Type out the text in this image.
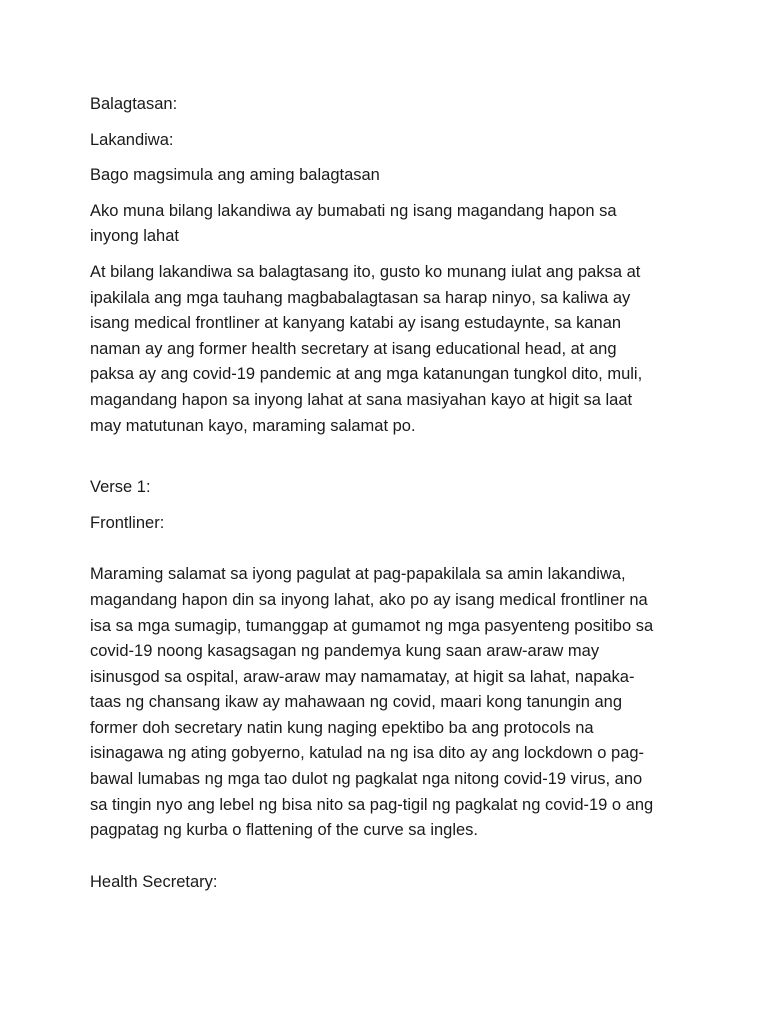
Balagtasan:

Lakandiwa:

Bago magsimula ang aming balagtasan

Ako muna bilang lakandiwa ay bumabati ng isang magandang hapon sa
inyong lahat

At bilang lakandiwa sa balagtasang ito, gusto ko munang iulat ang paksa at
ipakilala ang mga tauhang magbabalagtasan sa harap ninyo, sa kaliwa ay
isang medical frontliner at kanyang katabi ay isang estudaynte, sa kanan
naman ay ang former health secretary at isang educational head, at ang
paksa ay ang covid-19 pandemic at ang mga katanungan tungkol dito, muli,
magandang hapon sa inyong lahat at sana masiyahan kayo at higit sa laat
may matutunan kayo, maraming salamat po.

Verse 1:

Frontliner:

Maraming salamat sa iyong pagulat at pag-papakilala sa amin lakandiwa,
magandang hapon din sa inyong lahat, ako po ay isang medical frontliner na
isa sa mga sumagip, tumanggap at gumamot ng mga pasyenteng positibo sa
covid-19 noong kasagsagan ng pandemya kung saan araw-araw may
isinusgod sa ospital, araw-araw may namamatay, at higit sa lahat, napaka-
taas ng chansang ikaw ay mahawaan ng covid, maari kong tanungin ang
former doh secretary natin kung naging epektibo ba ang protocols na
isinagawa ng ating gobyerno, katulad na ng isa dito ay ang lockdown o pag-
bawal lumabas ng mga tao dulot ng pagkalat nga nitong covid-19 virus, ano
sa tingin nyo ang lebel ng bisa nito sa pag-tigil ng pagkalat ng covid-19 o ang
pagpatag ng kurba o flattening of the curve sa ingles.

Health Secretary:
